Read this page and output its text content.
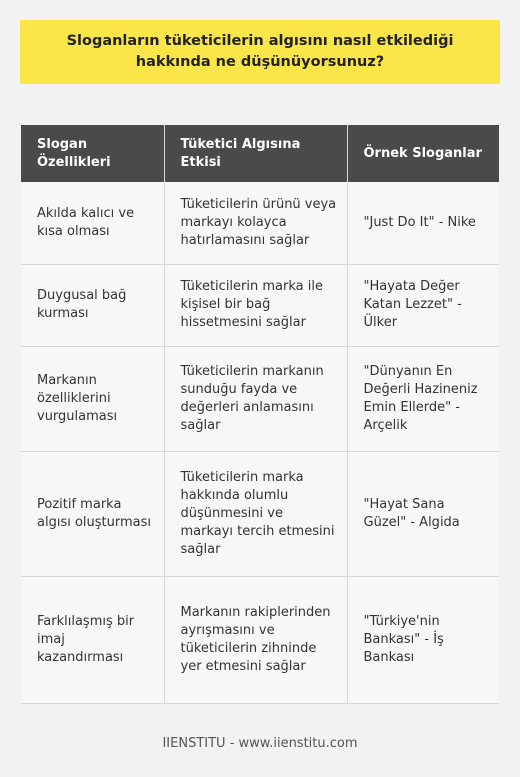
Sloganların tüketicilerin algısını nasıl etkilediği hakkında ne düşünüyorsunuz?
Slogan Özellikleri	Tüketici Algısına Etkisi	Örnek Sloganlar
Akılda kalıcı ve kısa olması	Tüketicilerin ürünü veya markayı kolayca hatırlamasını sağlar	"Just Do It" - Nike
Duygusal bağ kurması	Tüketicilerin marka ile kişisel bir bağ hissetmesini sağlar	"Hayata Değer Katan Lezzet" - Ülker
Markanın özelliklerini vurgulaması	Tüketicilerin markanın sunduğu fayda ve değerleri anlamasını sağlar	"Dünyanın En Değerli Hazineniz Emin Ellerde" - Arçelik
Pozitif marka algısı oluşturması	Tüketicilerin marka hakkında olumlu düşünmesini ve markayı tercih etmesini sağlar	"Hayat Sana Güzel" - Algida
Farklılaşmış bir imaj kazandırması	Markanın rakiplerinden ayrışmasını ve tüketicilerin zihninde yer etmesini sağlar	"Türkiye'nin Bankası" - İş Bankası
IIENSTITU - www.iienstitu.com
